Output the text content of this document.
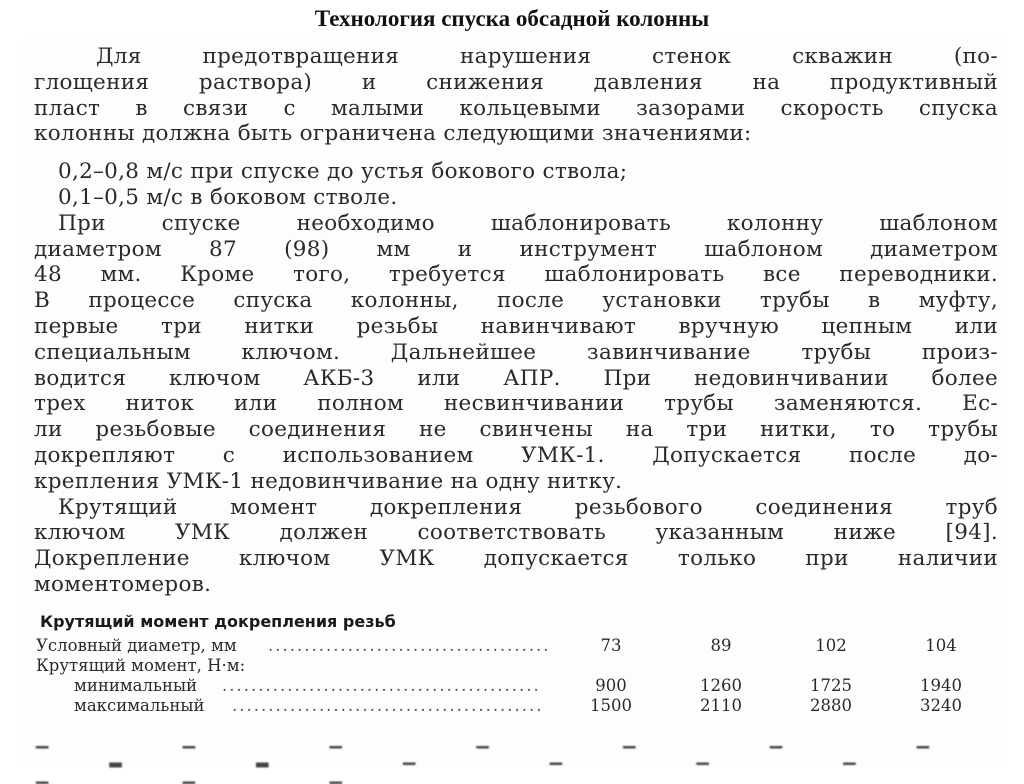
Технология спуска обсадной колонны
Для предотвращения нарушения стенок скважин (по-
глощения раствора) и снижения давления на продуктивный
пласт в связи с малыми кольцевыми зазорами скорость спуска
колонны должна быть ограничена следующими значениями:
0,2–0,8 м/с при спуске до устья бокового ствола;
0,1–0,5 м/с в боковом стволе.
При спуске необходимо шаблонировать колонну шаблоном
диаметром 87 (98) мм и инструмент шаблоном диаметром
48 мм. Кроме того, требуется шаблонировать все переводники.
В процессе спуска колонны, после установки трубы в муфту,
первые три нитки резьбы навинчивают вручную цепным или
специальным ключом. Дальнейшее завинчивание трубы произ-
водится ключом АКБ-3 или АПР. При недовинчивании более
трех ниток или полном несвинчивании трубы заменяются. Ес-
ли резьбовые соединения не свинчены на три нитки, то трубы
докрепляют с использованием УМК-1. Допускается после до-
крепления УМК-1 недовинчивание на одну нитку.
Крутящий момент докрепления резьбового соединения труб
ключом УМК должен соответствовать указанным ниже [94].
Докрепление ключом УМК допускается только при наличии
моментомеров.
Крутящий момент докрепления резьб
Условный диаметр, мм .......................................	73	89	102	104
Крутящий момент, Н·м:
минимальный ............................................	900	1260	1725	1940
максимальный ...........................................	1500	2110	2880	3240
▔ ▁ ▔ ▁ ▔ ▁ ▔ ▁ ▔ ▁ ▔ ▁ ▔ ▁ ▔ ▁ ▔ ▁
